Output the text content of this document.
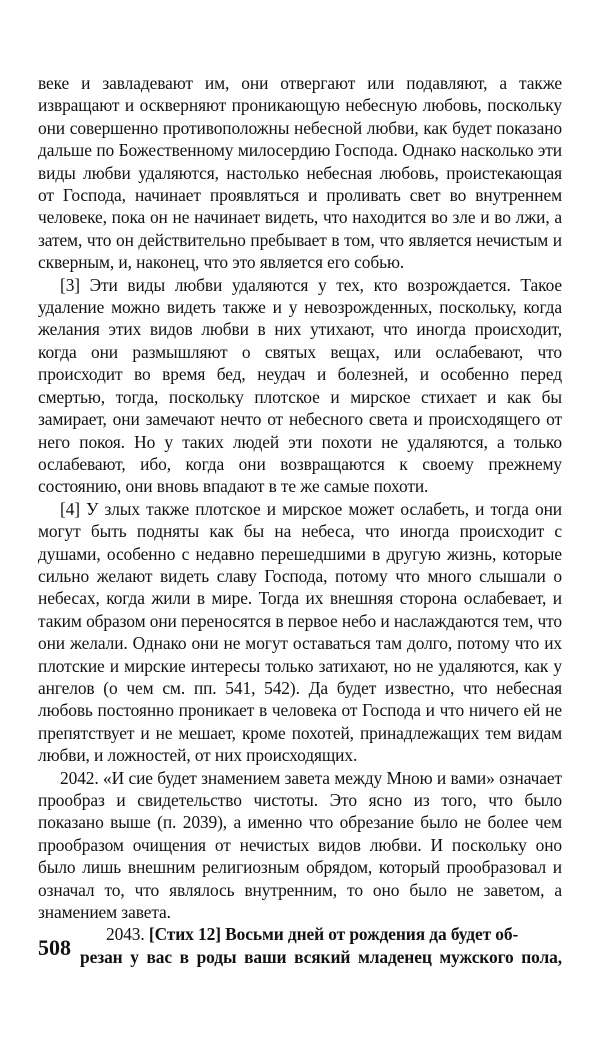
веке и завладевают им, они отвергают или подавляют, а также извращают и оскверняют проникающую небесную любовь, поскольку они совершенно противоположны небесной любви, как будет показано дальше по Божественному милосердию Господа. Однако насколько эти виды любви удаляются, настолько небесная любовь, проистекающая от Господа, начинает проявляться и проливать свет во внутреннем человеке, пока он не начинает видеть, что находится во зле и во лжи, а затем, что он действительно пребывает в том, что является нечистым и скверным, и, наконец, что это является его собью.

[3] Эти виды любви удаляются у тех, кто возрождается. Такое удаление можно видеть также и у невозрожденных, поскольку, когда желания этих видов любви в них утихают, что иногда происходит, когда они размышляют о святых вещах, или ослабевают, что происходит во время бед, неудач и болезней, и особенно перед смертью, тогда, поскольку плотское и мирское стихает и как бы замирает, они замечают нечто от небесного света и происходящего от него покоя. Но у таких людей эти похоти не удаляются, а только ослабевают, ибо, когда они возвращаются к своему прежнему состоянию, они вновь впадают в те же самые похоти.

[4] У злых также плотское и мирское может ослабеть, и тогда они могут быть подняты как бы на небеса, что иногда происходит с душами, особенно с недавно перешедшими в другую жизнь, которые сильно желают видеть славу Господа, потому что много слышали о небесах, когда жили в мире. Тогда их внешняя сторона ослабевает, и таким образом они переносятся в первое небо и наслаждаются тем, что они желали. Однако они не могут оставаться там долго, потому что их плотские и мирские интересы только затихают, но не удаляются, как у ангелов (о чем см. пп. 541, 542). Да будет известно, что небесная любовь постоянно проникает в человека от Господа и что ничего ей не препятствует и не мешает, кроме похотей, принадлежащих тем видам любви, и ложностей, от них происходящих.

2042. «И сие будет знамением завета между Мною и вами» означает прообраз и свидетельство чистоты. Это ясно из того, что было показано выше (п. 2039), а именно что обрезание было не более чем прообразом очищения от нечистых видов любви. И поскольку оно было лишь внешним религиозным обрядом, который прообразовал и означал то, что являлось внутренним, то оно было не заветом, а знамением завета.

2043. [Стих 12] Восьми дней от рождения да будет об-
резан у вас в роды ваши всякий младенец мужского пола,
508
